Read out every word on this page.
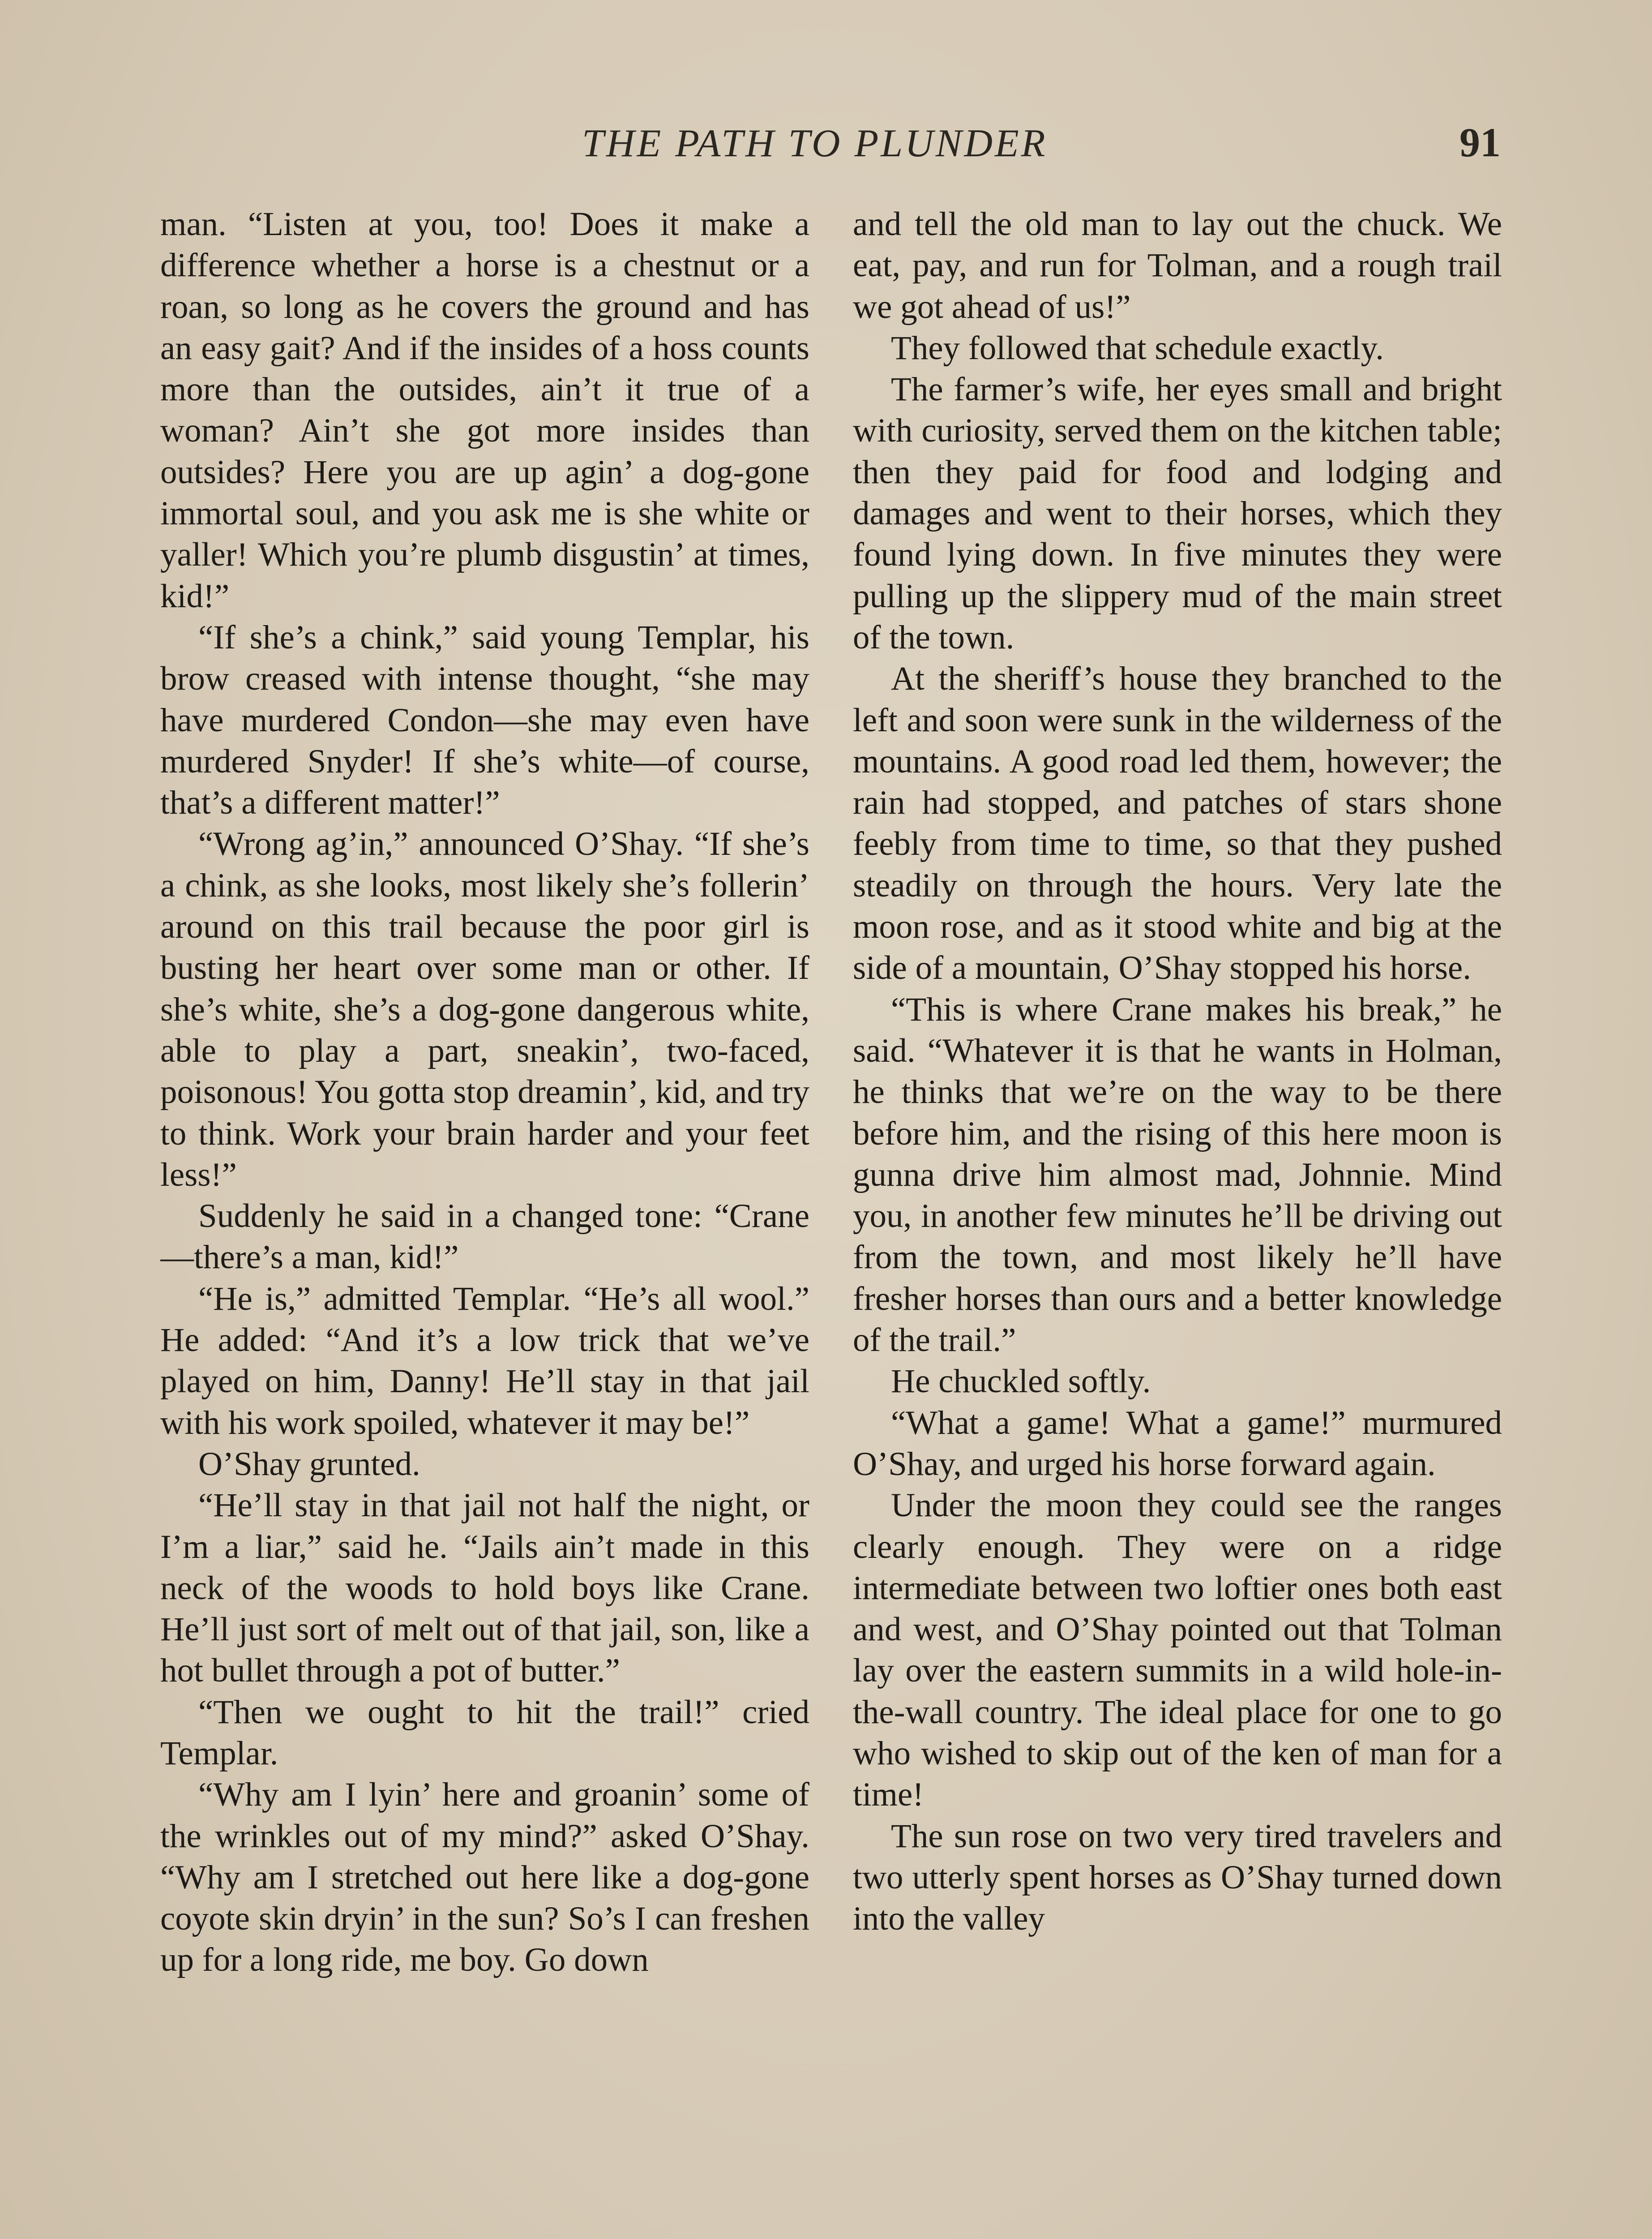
THE PATH TO PLUNDER	91

man. “Listen at you, too! Does it make a difference whether a horse is a chestnut or a roan, so long as he covers the ground and has an easy gait? And if the insides of a hoss counts more than the outsides, ain’t it true of a woman? Ain’t she got more insides than outsides? Here you are up agin’ a dog-gone immortal soul, and you ask me is she white or yaller! Which you’re plumb disgustin’ at times, kid!”

“If she’s a chink,” said young Templar, his brow creased with intense thought, “she may have murdered Condon—she may even have murdered Snyder! If she’s white—of course, that’s a different matter!”

“Wrong ag’in,” announced O’Shay. “If she’s a chink, as she looks, most likely she’s follerin’ around on this trail because the poor girl is busting her heart over some man or other. If she’s white, she’s a dog-gone dangerous white, able to play a part, sneakin’, two-faced, poisonous! You gotta stop dreamin’, kid, and try to think. Work your brain harder and your feet less!”

Suddenly he said in a changed tone: “Crane—there’s a man, kid!”

“He is,” admitted Templar. “He’s all wool.” He added: “And it’s a low trick that we’ve played on him, Danny! He’ll stay in that jail with his work spoiled, whatever it may be!”

O’Shay grunted.

“He’ll stay in that jail not half the night, or I’m a liar,” said he. “Jails ain’t made in this neck of the woods to hold boys like Crane. He’ll just sort of melt out of that jail, son, like a hot bullet through a pot of butter.”

“Then we ought to hit the trail!” cried Templar.

“Why am I lyin’ here and groanin’ some of the wrinkles out of my mind?” asked O’Shay. “Why am I stretched out here like a dog-gone coyote skin dryin’ in the sun? So’s I can freshen up for a long ride, me boy. Go down

and tell the old man to lay out the chuck. We eat, pay, and run for Tolman, and a rough trail we got ahead of us!”

They followed that schedule exactly.

The farmer’s wife, her eyes small and bright with curiosity, served them on the kitchen table; then they paid for food and lodging and damages and went to their horses, which they found lying down. In five minutes they were pulling up the slippery mud of the main street of the town.

At the sheriff’s house they branched to the left and soon were sunk in the wilderness of the mountains. A good road led them, however; the rain had stopped, and patches of stars shone feebly from time to time, so that they pushed steadily on through the hours. Very late the moon rose, and as it stood white and big at the side of a mountain, O’Shay stopped his horse.

“This is where Crane makes his break,” he said. “Whatever it is that he wants in Holman, he thinks that we’re on the way to be there before him, and the rising of this here moon is gunna drive him almost mad, Johnnie. Mind you, in another few minutes he’ll be driving out from the town, and most likely he’ll have fresher horses than ours and a better knowledge of the trail.”

He chuckled softly.

“What a game! What a game!” murmured O’Shay, and urged his horse forward again.

Under the moon they could see the ranges clearly enough. They were on a ridge intermediate between two loftier ones both east and west, and O’Shay pointed out that Tolman lay over the eastern summits in a wild hole-in-the-wall country. The ideal place for one to go who wished to skip out of the ken of man for a time!

The sun rose on two very tired travelers and two utterly spent horses as O’Shay turned down into the valley
